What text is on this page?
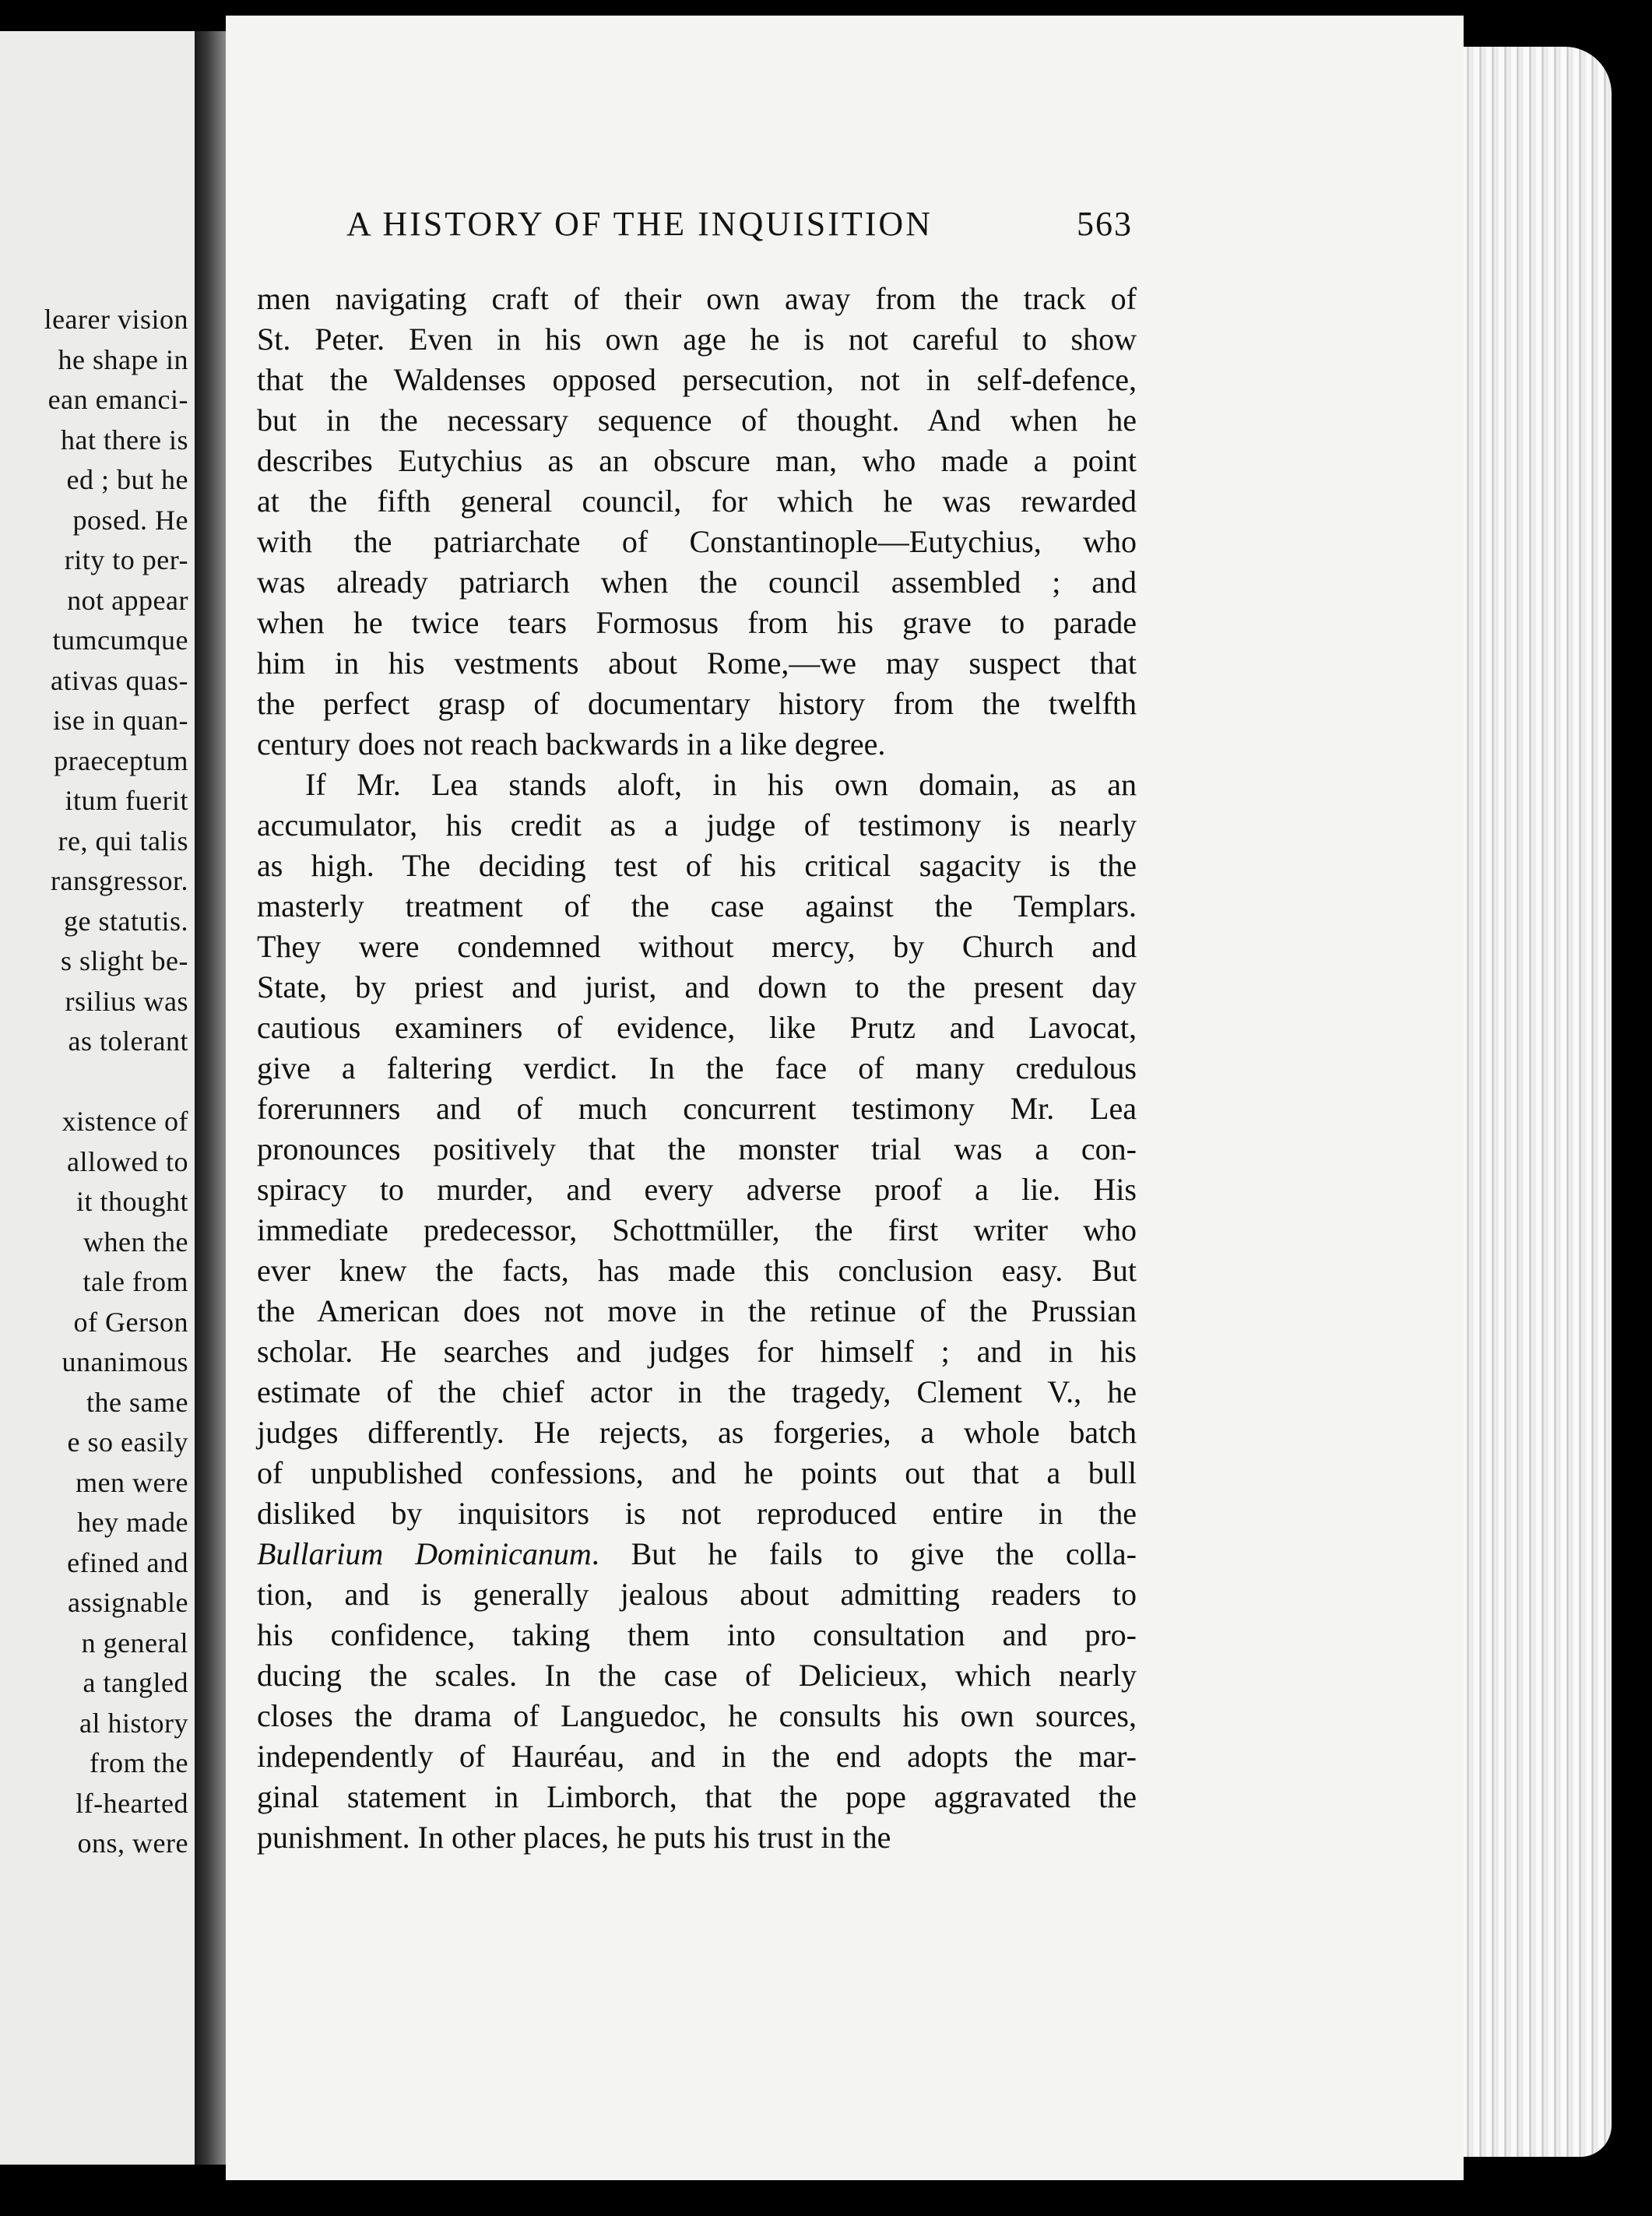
learer vision
he shape in
ean emanci-
hat there is
ed ; but he
posed. He
rity to per-
not appear
tumcumque
ativas quas-
ise in quan-
praeceptum
itum fuerit
re, qui talis
ransgressor.
ge statutis.
s slight be-
rsilius was
as tolerant
xistence of
allowed to
it thought
when the
tale from
of Gerson
unanimous
the same
e so easily
men were
hey made
efined and
assignable
n general
a tangled
al history
from the
lf-hearted
ons, were
A HISTORY OF THE INQUISITION	563
men navigating craft of their own away from the track of
St. Peter. Even in his own age he is not careful to show
that the Waldenses opposed persecution, not in self-defence,
but in the necessary sequence of thought. And when he
describes Eutychius as an obscure man, who made a point
at the fifth general council, for which he was rewarded
with the patriarchate of Constantinople—Eutychius, who
was already patriarch when the council assembled ; and
when he twice tears Formosus from his grave to parade
him in his vestments about Rome,—we may suspect that
the perfect grasp of documentary history from the twelfth
century does not reach backwards in a like degree.
If Mr. Lea stands aloft, in his own domain, as an
accumulator, his credit as a judge of testimony is nearly
as high. The deciding test of his critical sagacity is the
masterly treatment of the case against the Templars.
They were condemned without mercy, by Church and
State, by priest and jurist, and down to the present day
cautious examiners of evidence, like Prutz and Lavocat,
give a faltering verdict. In the face of many credulous
forerunners and of much concurrent testimony Mr. Lea
pronounces positively that the monster trial was a con-
spiracy to murder, and every adverse proof a lie. His
immediate predecessor, Schottmüller, the first writer who
ever knew the facts, has made this conclusion easy. But
the American does not move in the retinue of the Prussian
scholar. He searches and judges for himself ; and in his
estimate of the chief actor in the tragedy, Clement V., he
judges differently. He rejects, as forgeries, a whole batch
of unpublished confessions, and he points out that a bull
disliked by inquisitors is not reproduced entire in the
Bullarium Dominicanum. But he fails to give the colla-
tion, and is generally jealous about admitting readers to
his confidence, taking them into consultation and pro-
ducing the scales. In the case of Delicieux, which nearly
closes the drama of Languedoc, he consults his own sources,
independently of Hauréau, and in the end adopts the mar-
ginal statement in Limborch, that the pope aggravated the
punishment. In other places, he puts his trust in the
